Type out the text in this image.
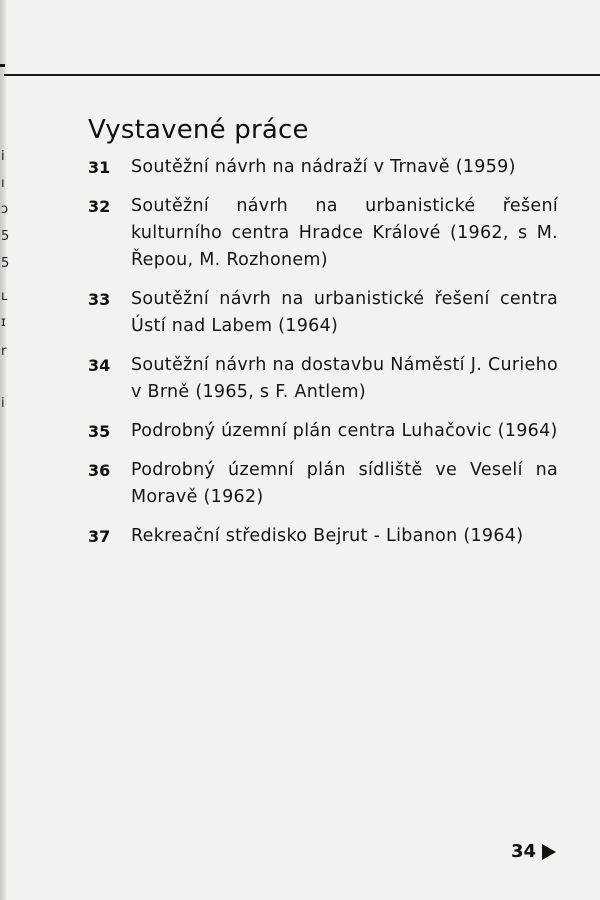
i
ı
ɔ
5
5
ʟ
ɪ
r
i
Vystavené práce
31	Soutěžní návrh na nádraží v Trnavě (1959)
32	Soutěžní návrh na urbanistické řešení kulturního centra Hradce Králové (1962, s M. Řepou, M. Rozhonem)
33	Soutěžní návrh na urbanistické řešení centra Ústí nad Labem (1964)
34	Soutěžní návrh na dostavbu Náměstí J. Curieho v Brně (1965, s F. Antlem)
35	Podrobný územní plán centra Luhačovic (1964)
36	Podrobný územní plán sídliště ve Veselí na Moravě (1962)
37	Rekreační středisko Bejrut - Libanon (1964)
34
